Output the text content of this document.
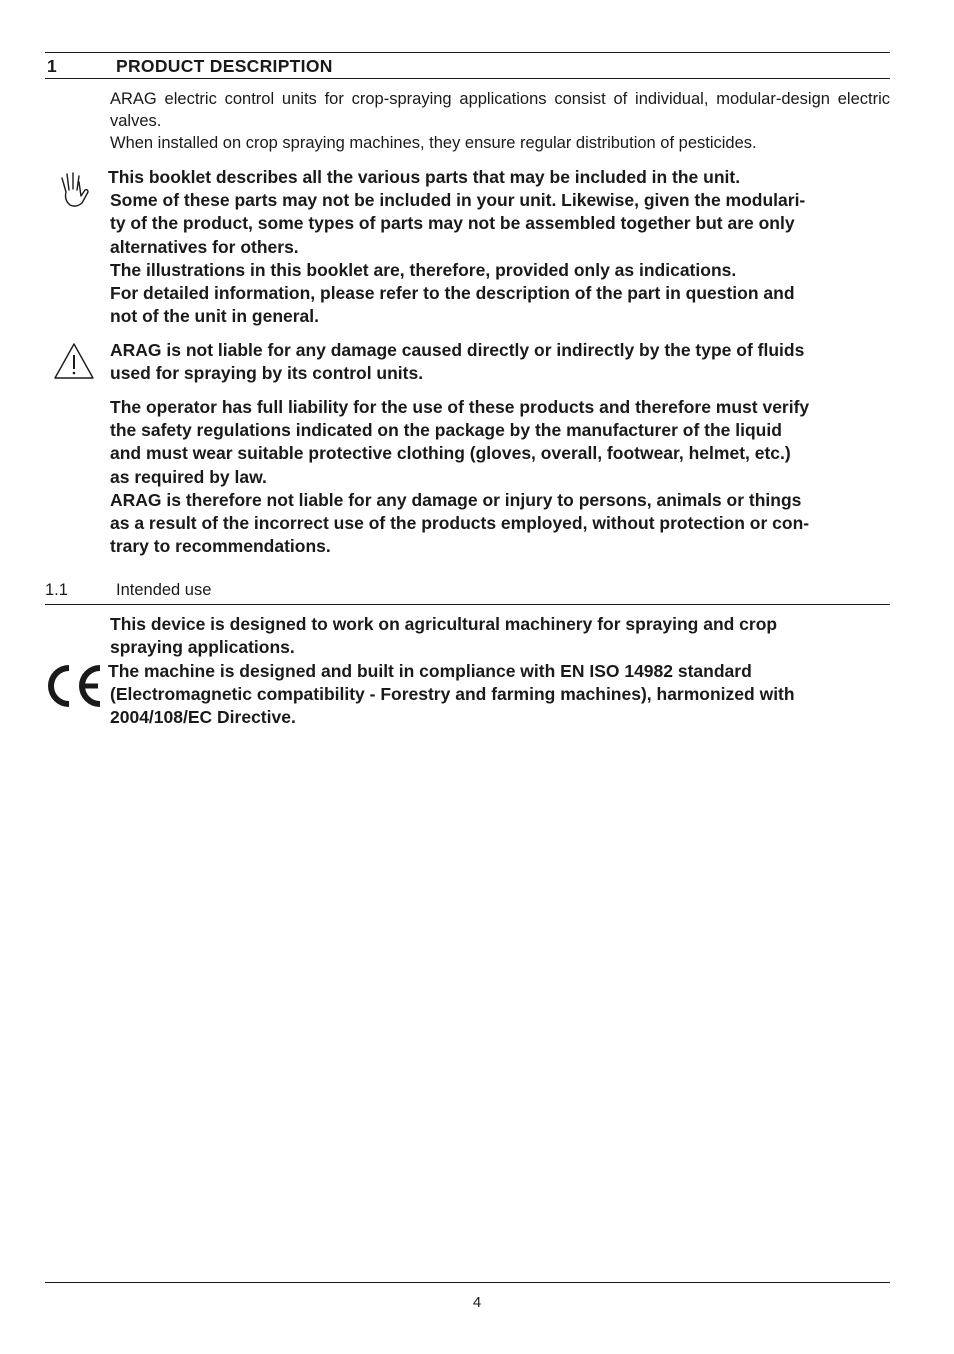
1	PRODUCT DESCRIPTION

ARAG electric control units for crop-spraying applications consist of individual, modular-design electric valves.

When installed on crop spraying machines, they ensure regular distribution of pesticides.

This booklet describes all the various parts that may be included in the unit.

Some of these parts may not be included in your unit. Likewise, given the modulari-

ty of the product, some types of parts may not be assembled together but are only

alternatives for others.

The illustrations in this booklet are, therefore, provided only as indications.

For detailed information, please refer to the description of the part in question and

not of the unit in general.

ARAG is not liable for any damage caused directly or indirectly by the type of fluids

used for spraying by its control units.

The operator has full liability for the use of these products and therefore must verify

the safety regulations indicated on the package by the manufacturer of the liquid

and must wear suitable protective clothing (gloves, overall, footwear, helmet, etc.)

as required by law.

ARAG is therefore not liable for any damage or injury to persons, animals or things

as a result of the incorrect use of the products employed, without protection or con-

trary to recommendations.

1.1	Intended use

This device is designed to work on agricultural machinery for spraying and crop

spraying applications.

The machine is designed and built in compliance with EN ISO 14982 standard

(Electromagnetic compatibility - Forestry and farming machines), harmonized with

2004/108/EC Directive.

4
